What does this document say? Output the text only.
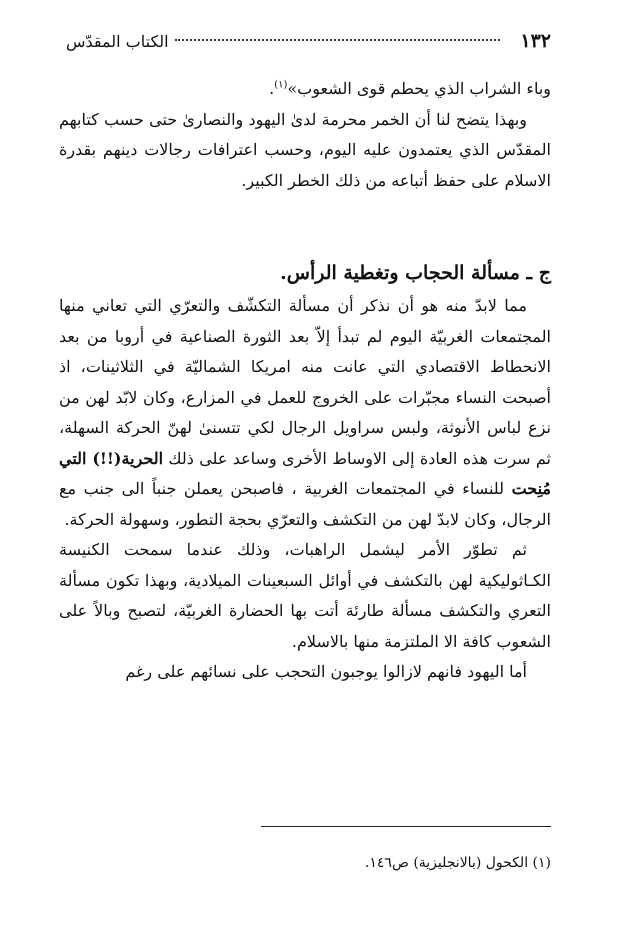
١٣٢
الكتاب المقدّس

وباء الشراب الذي يحطم قوى الشعوب»$^{(١)}$.

وبهذا يتضح لنا أن الخمر محرمة لدىٰ اليهود والنصارىٰ حتى حسب كتابهم المقدّس الذي يعتمدون عليه اليوم، وحسب اعترافات رجالات دينهم بقدرة الاسلام على حفظ أتباعه من ذلك الخطر الكبير.

ج ـ مسألة الحجاب وتغطية الرأس.

مما لابدّ منه هو أن نذكر أن مسألة التكشّف والتعرّي التي تعاني منها المجتمعات الغربيّة اليوم لم تبدأ إلاّ بعد الثورة الصناعية في أروبا من بعد الانحطاط الاقتصادي التي عانت منه امريكا الشماليّة في الثلاثينات، اذ أصبحت النساء مجبّرات على الخروج للعمل في المزارع، وكان لابّد لهن من نزع لباس الأنوثة، ولبس سراويل الرجال لكي تتسنىٰ لهنّ الحركة السهلة، ثم سرت هذه العادة إلى الاوساط الأخرى وساعد على ذلك الحرية(!!) التي مُنِحت للنساء في المجتمعات الغربية ، فاصبحن يعملن جنباً الى جنب مع الرجال، وكان لابدّ لهن من التكشف والتعرّي بحجة التطور، وسهولة الحركة.

ثم تطوّر الأمر ليشمل الراهبات، وذلك عندما سمحت الكنيسة الكـاثوليكية لهن بالتكشف في أوائل السبعينات الميلادية، وبهذا تكون مسألة التعري والتكشف مسألة طارئة أتت بها الحضارة الغربيّة، لتصبح وبالاً على الشعوب كافة الا الملتزمة منها بالاسلام.

أما اليهود فانهم لازالوا يوجبون التحجب على نسائهم على رغم

(١) الكحول (بالانجليزية) ص١٤٦.
